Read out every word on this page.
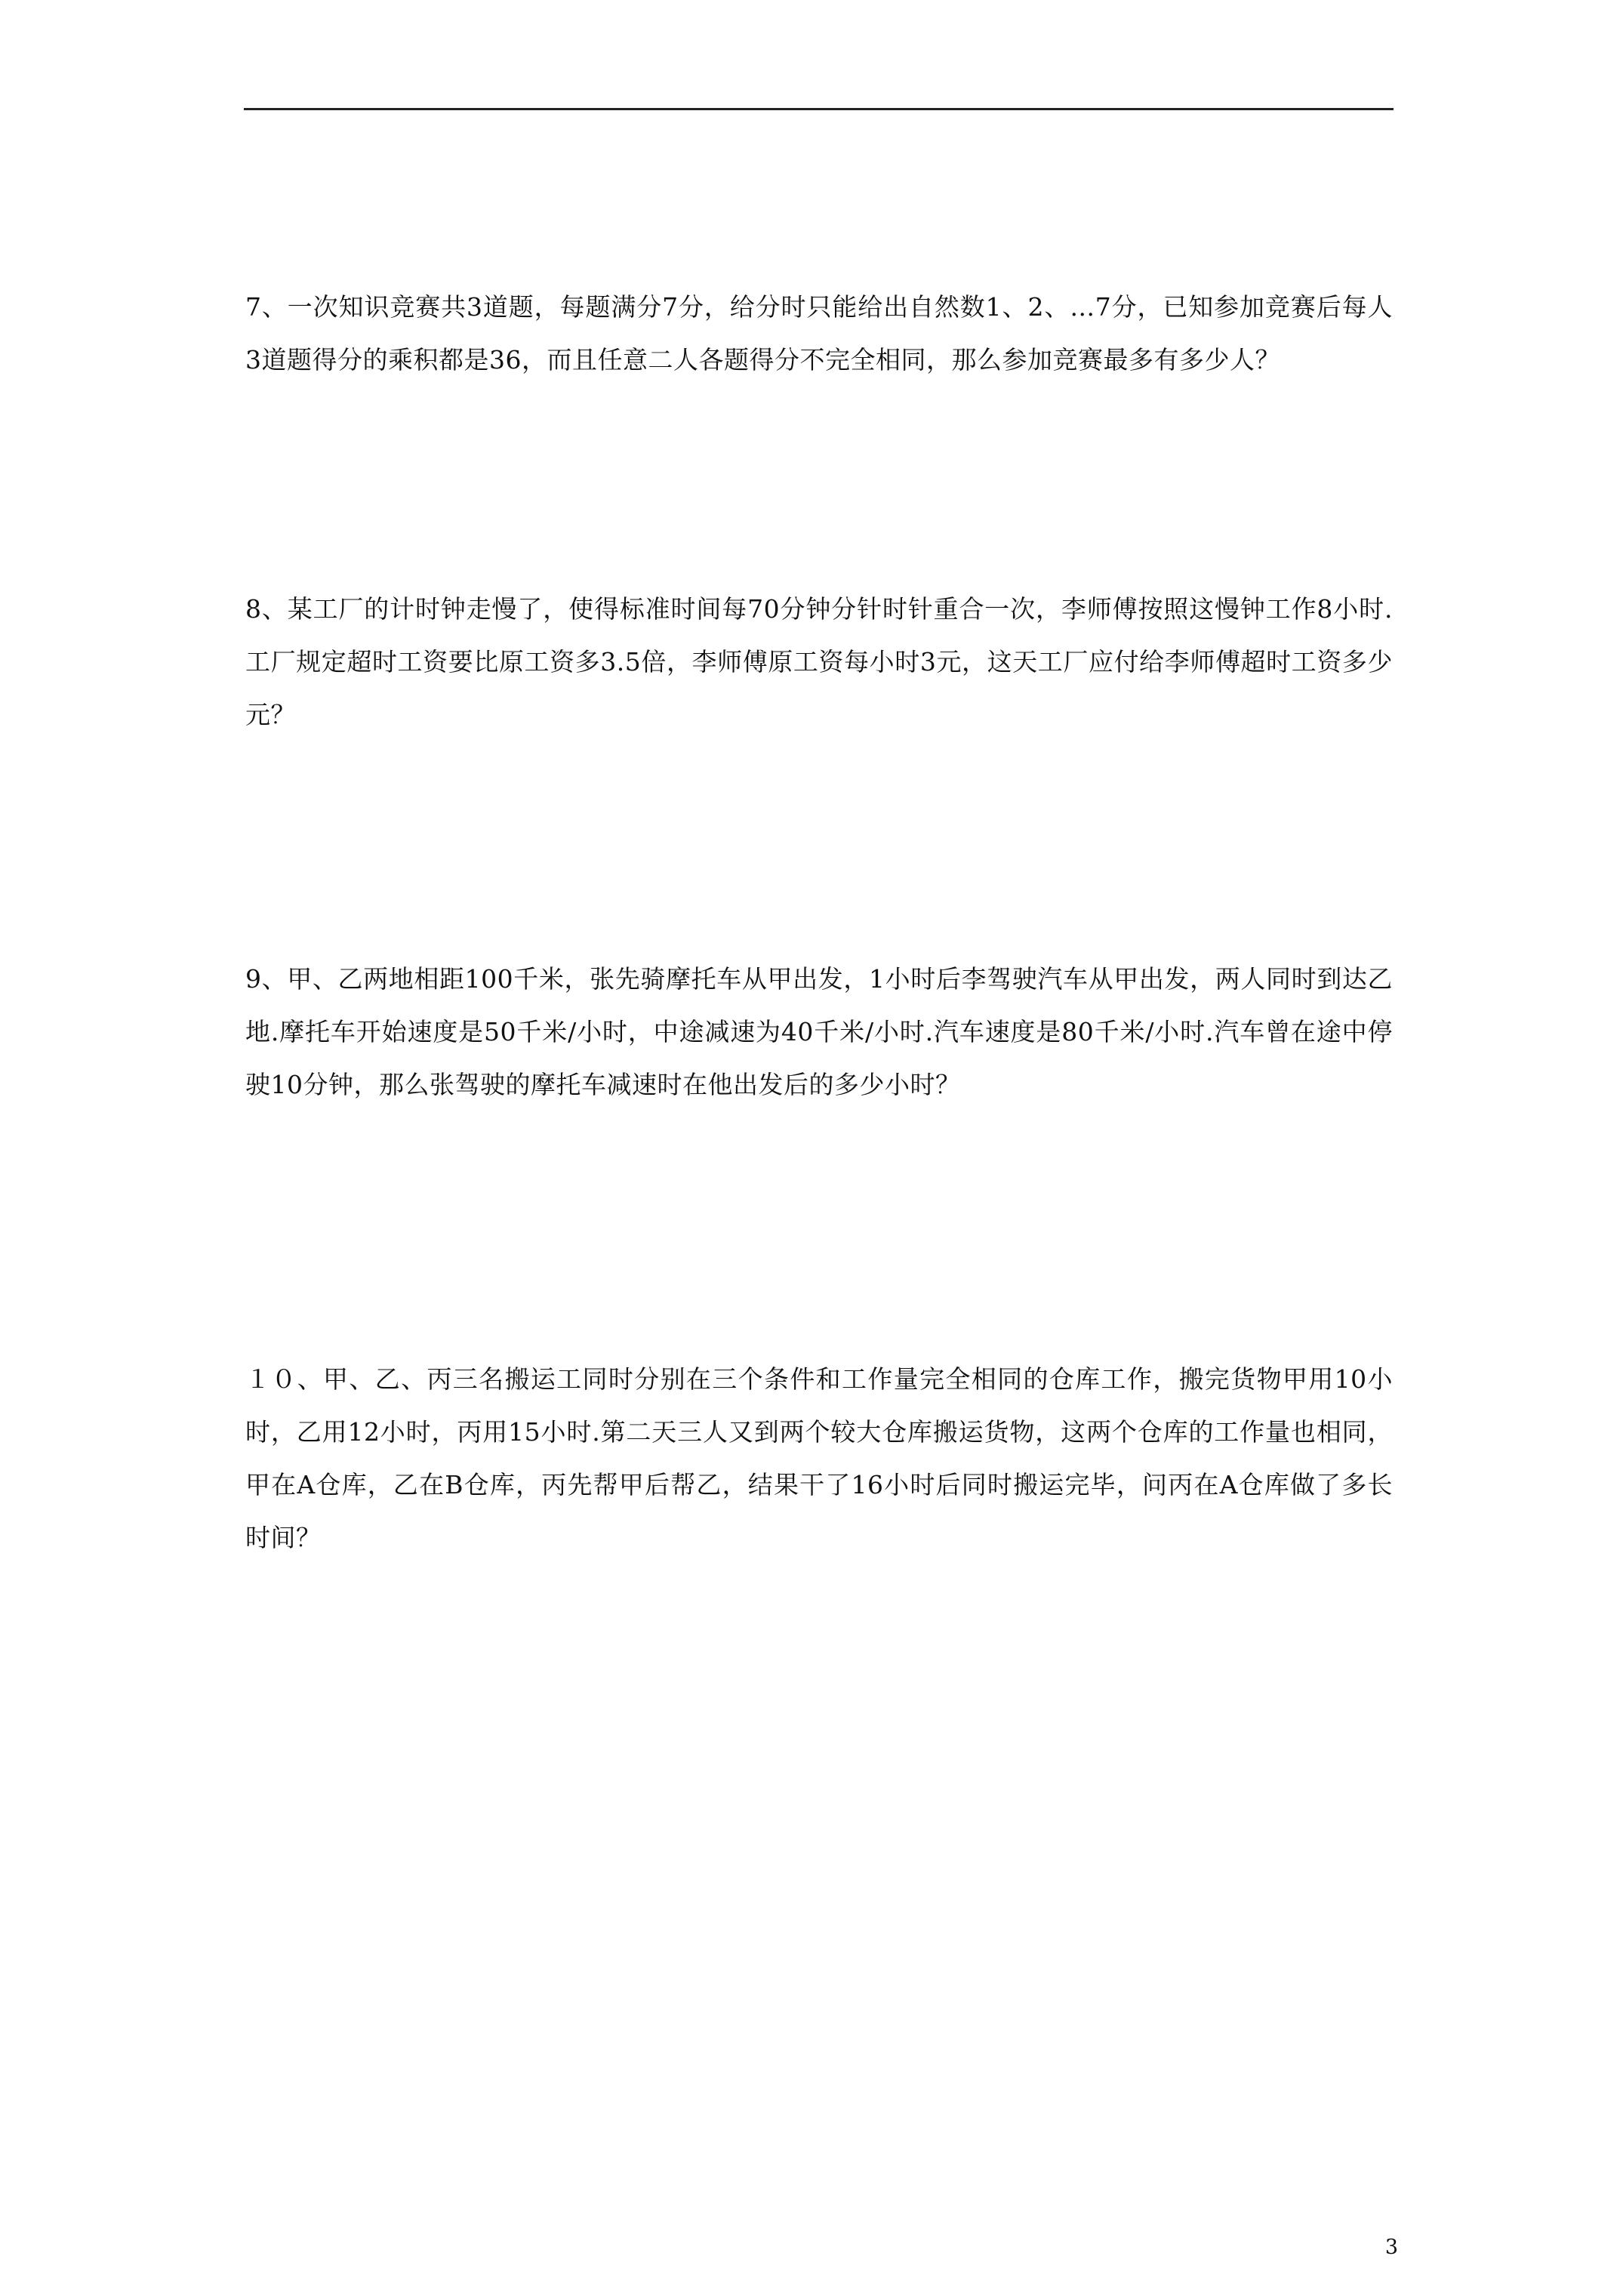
7、一次知识竞赛共3道题，每题满分7分，给分时只能给出自然数1、2、…7分，已知参加竞赛后每人3道题得分的乘积都是36，而且任意二人各题得分不完全相同，那么参加竞赛最多有多少人？

8、某工厂的计时钟走慢了，使得标准时间每70分钟分针时针重合一次，李师傅按照这慢钟工作8小时.工厂规定超时工资要比原工资多3.5倍，李师傅原工资每小时3元，这天工厂应付给李师傅超时工资多少元？

9、甲、乙两地相距100千米，张先骑摩托车从甲出发，1小时后李驾驶汽车从甲出发，两人同时到达乙地.摩托车开始速度是50千米/小时，中途减速为40千米/小时.汽车速度是80千米/小时.汽车曾在途中停驶10分钟，那么张驾驶的摩托车减速时在他出发后的多少小时？

１０、甲、乙、丙三名搬运工同时分别在三个条件和工作量完全相同的仓库工作，搬完货物甲用10小时，乙用12小时，丙用15小时.第二天三人又到两个较大仓库搬运货物，这两个仓库的工作量也相同，甲在A仓库，乙在B仓库，丙先帮甲后帮乙，结果干了16小时后同时搬运完毕，问丙在A仓库做了多长时间？

3
